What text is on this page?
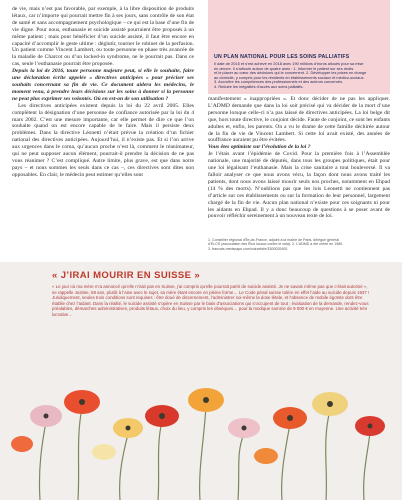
de vie, mais n’est pas favorable, par exemple, à la libre disposition de produits létaux, car n’importe qui pourrait mettre fin à ses jours, sans contrôle de son état de santé et sans accompagnement psychologique – ce qui est la base d’une fin de vie digne. Pour nous, euthanasie et suicide assisté pourraient être proposés à un même patient ; mais pour bénéficier d’un suicide assisté, il faut être encore en capacité d’accomplir le geste ultime : déglutir, tourner le robinet de la perfusion. Un patient comme Vincent Lambert, ou toute personne en phase très avancée de la maladie de Charcot ou d’un locked-in syndrome, ne le pourrait pas. Dans ce cas, seule l’euthanasie pourrait être proposée.

Depuis la loi de 2016, toute personne majeure peut, si elle le souhaite, faire une déclaration écrite appelée « directives anticipées » pour préciser ses souhaits concernant sa fin de vie. Ce document aidera les médecins, le moment venu, à prendre leurs décisions sur les soins à donner si la personne ne peut plus exprimer ses volontés. Où en est-on de son utilisation ?

Les directives anticipées existent depuis la loi du 22 avril 2005. Elles complètent la désignation d’une personne de confiance autorisée par la loi du 4 mars 2002. C’est une mesure importante, car elle permet de dire ce que l’on souhaite quand on est encore capable de le faire. Mais il persiste deux problèmes. Dans la directive Léonetti n’était prévue la création d’un fichier national des directives anticipées. Aujourd’hui, il n’existe pas. Et si l’on arrive aux urgences dans le coma, qu’aucun proche n’est là, comment le réanimateur, qui ne peut supposer aucun élément, pourrait-il prendre la décision de ne pas vous réanimer ? C’est compliqué. Autre limite, plus grave, est que dans notre pays – et nous sommes les seuls dans ce cas –, ces directives sont dites non opposables. En clair, le médecin peut estimer qu’elles sont

UN PLAN NATIONAL POUR LES SOINS PALLIATIFS
Il date de 2015 et s’est achevé en 2018 avec 190 millions d’euros alloués pour sa mise
en œuvre. Il s’articule autour de quatre axes : 1. Informer le patient sur ses droits
et le placer au cœur des décisions qui le concernent. 2. Développer les prises en charge
au domicile, y compris pour les résidents en établissements sociaux et médico-sociaux.
3. Accroître les compétences des professionnels et des acteurs concernés.
4. Réduire les inégalités d’accès aux soins palliatifs.

manifestement « inappropriées ». Et donc décider de ne pas les appliquer. L’ADMD demande que dans la loi soit précisé qui va décider de la mort d’une personne lorsque celle-ci n’a pas laissé de directives anticipées. La loi belge dit que, hors toute directive, le conjoint décide. Faute de conjoint, ce sont les enfants adultes et, enfin, les parents. On a vu le drame de cette famille déchirée autour de la fin de vie de Vincent Lambert. Si cette loi avait existé, des années de souffrance auraient pu être évitées.

Vous êtes optimiste sur l’évolution de la loi ?

Je l’étais avant l’épidémie de Covid. Pour la première fois à l’Assemblée nationale, une majorité de députés, dans tous les groupes politiques, était pour une loi légalisant l’euthanasie. Mais la crise sanitaire a tout bouleversé. Il va falloir analyser ce que nous avons vécu, la façon dont nous avons traité les patients, dont nous avons laissé mourir seuls nos proches, notamment en Ehpad (14 % des morts). N’oublions pas que les lois Leonetti ne contiennent pas d’article sur ces établissements ou sur la formation de leur personnel, largement chargé de la fin de vie. Aucun plan national n’existe pour ces soignants ni pour les aidants en Ehpad. Il y a donc beaucoup de questions à se poser avant de pouvoir réfléchir sereinement à un nouveau texte de loi.

1. Conseiller régional d’Île-de-France, adjoint à la mairie de Paris, délégué général
d’ELCS (association des Élus locaux contre le sida). 2. L’ADMD a été créée en 1980.
3. francais.medscape.com/voirarticle/3300020400.
« J’IRAI MOURIR EN SUISSE »

« Le jour où ma mère m’a annoncé qu’elle n’irait pas en Suisse, j’ai compris qu’elle pourrait partir de suicide assisté. Je ne savais même pas que c’était autorisé », se rappelle Justine, 58 ans, plutôt à l’aise avec le sujet, sa mère étant encore en pleine forme… Le Code pénal suisse tolère en effet l’aide au suicide depuis 1937 ! Juridiquement, seules trois conditions sont requises : être doué de discernement, l’administrer soi-même la dose létale, et l’absence de mobile égoïste dont être établie chez l’aidant. Dans la réalité, le suicide assisté s’opère en Suisse par le biais d’associations qui s’occupent de tout : évaluation de la demande, rendez-vous préalables, démarches administratives, produits létaux, choix du lieu, y compris les obsèques… pour la modique somme de 9 000 € en moyenne. Une activité très lucrative…
